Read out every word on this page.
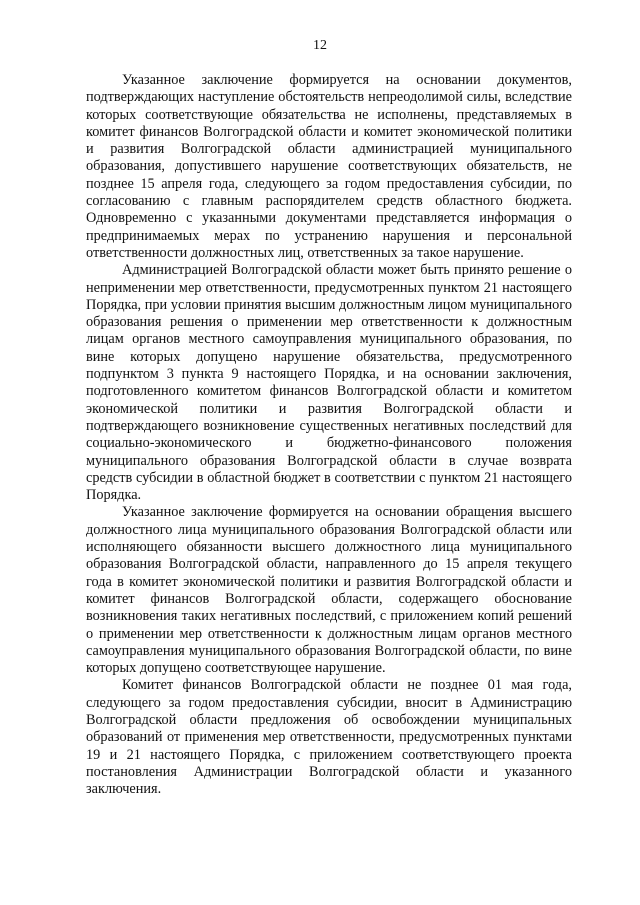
12

Указанное заключение формируется на основании документов, подтверждающих наступление обстоятельств непреодолимой силы, вследствие которых соответствующие обязательства не исполнены, представляемых в комитет финансов Волгоградской области и комитет экономической политики и развития Волгоградской области администрацией муниципального образования, допустившего нарушение соответствующих обязательств, не позднее 15 апреля года, следующего за годом предоставления субсидии, по согласованию с главным распорядителем средств областного бюджета. Одновременно с указанными документами представляется информация о предпринимаемых мерах по устранению нарушения и персональной ответственности должностных лиц, ответственных за такое нарушение.

Администрацией Волгоградской области может быть принято решение о неприменении мер ответственности, предусмотренных пунктом 21 настоящего Порядка, при условии принятия высшим должностным лицом муниципального образования решения о применении мер ответственности к должностным лицам органов местного самоуправления муниципального образования, по вине которых допущено нарушение обязательства, предусмотренного подпунктом 3 пункта 9 настоящего Порядка, и на основании заключения, подготовленного комитетом финансов Волгоградской области и комитетом экономической политики и развития Волгоградской области и подтверждающего возникновение существенных негативных последствий для социально-экономического и бюджетно-финансового положения муниципального образования Волгоградской области в случае возврата средств субсидии в областной бюджет в соответствии с пунктом 21 настоящего Порядка.

Указанное заключение формируется на основании обращения высшего должностного лица муниципального образования Волгоградской области или исполняющего обязанности высшего должностного лица муниципального образования Волгоградской области, направленного до 15 апреля текущего года в комитет экономической политики и развития Волгоградской области и комитет финансов Волгоградской области, содержащего обоснование возникновения таких негативных последствий, с приложением копий решений о применении мер ответственности к должностным лицам органов местного самоуправления муниципального образования Волгоградской области, по вине которых допущено соответствующее нарушение.

Комитет финансов Волгоградской области не позднее 01 мая года, следующего за годом предоставления субсидии, вносит в Администрацию Волгоградской области предложения об освобождении муниципальных образований от применения мер ответственности, предусмотренных пунктами 19 и 21 настоящего Порядка, с приложением соответствующего проекта постановления Администрации Волгоградской области и указанного заключения.
